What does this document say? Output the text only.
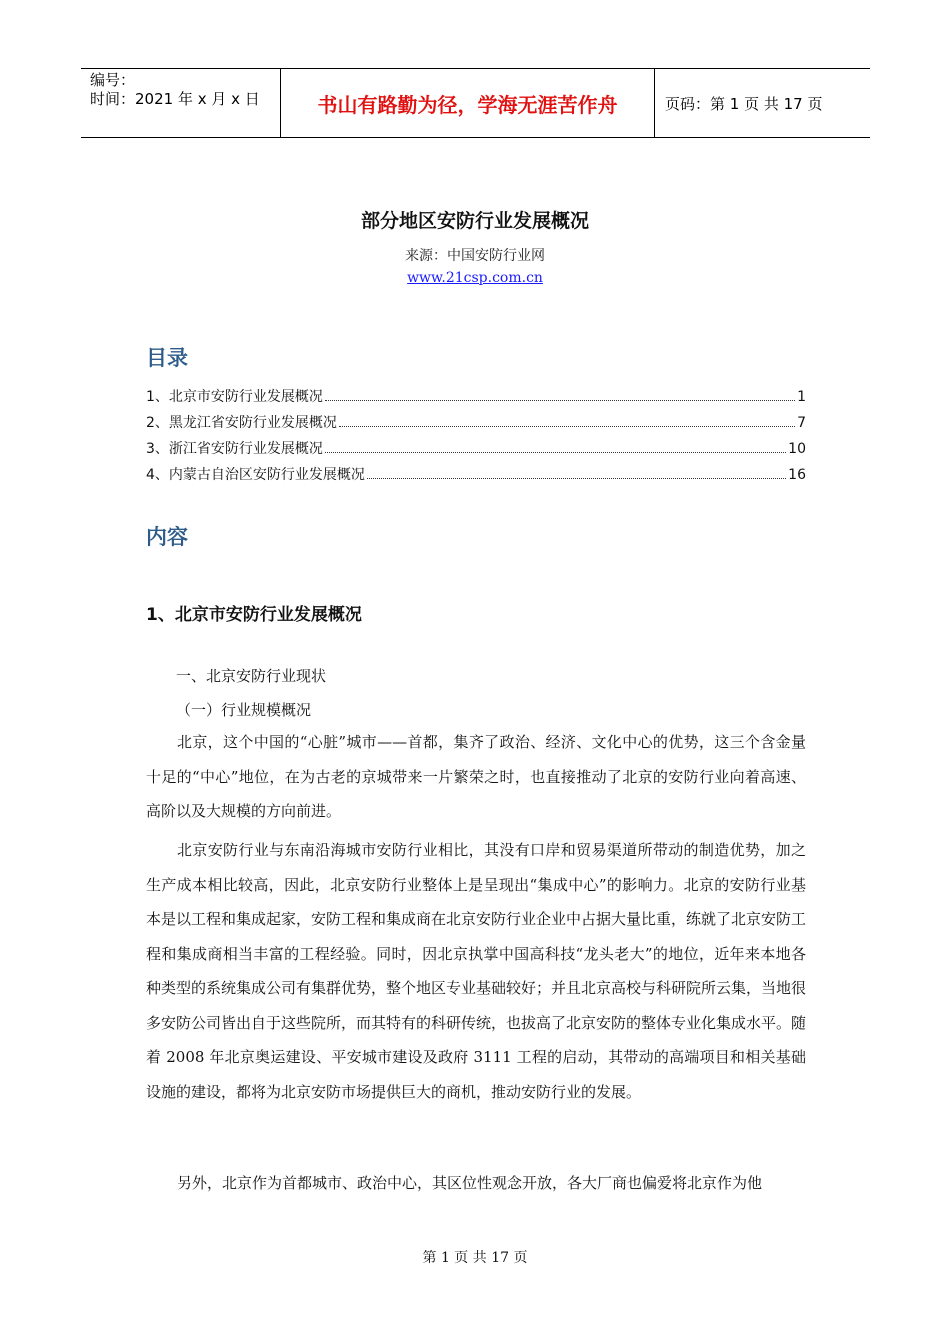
编号：
时间：2021 年 x 月 x 日	书山有路勤为径，学海无涯苦作舟	页码：第 1 页 共 17 页
部分地区安防行业发展概况
来源：中国安防行业网
www.21csp.com.cn
目录
1、北京市安防行业发展概况	1
2、黑龙江省安防行业发展概况	7
3、浙江省安防行业发展概况	10
4、内蒙古自治区安防行业发展概况	16
内容
1、北京市安防行业发展概况
一、北京安防行业现状
（一）行业规模概况

北京，这个中国的“心脏”城市——首都，集齐了政治、经济、文化中心的优势，这三个含金量十足的“中心”地位，在为古老的京城带来一片繁荣之时，也直接推动了北京的安防行业向着高速、高阶以及大规模的方向前进。

北京安防行业与东南沿海城市安防行业相比，其没有口岸和贸易渠道所带动的制造优势，加之生产成本相比较高，因此，北京安防行业整体上是呈现出“集成中心”的影响力。北京的安防行业基本是以工程和集成起家，安防工程和集成商在北京安防行业企业中占据大量比重，练就了北京安防工程和集成商相当丰富的工程经验。同时，因北京执掌中国高科技“龙头老大”的地位，近年来本地各种类型的系统集成公司有集群优势，整个地区专业基础较好；并且北京高校与科研院所云集，当地很多安防公司皆出自于这些院所，而其特有的科研传统，也拔高了北京安防的整体专业化集成水平。随着 2008 年北京奥运建设、平安城市建设及政府 3111 工程的启动，其带动的高端项目和相关基础设施的建设，都将为北京安防市场提供巨大的商机，推动安防行业的发展。

另外，北京作为首都城市、政治中心，其区位性观念开放，各大厂商也偏爱将北京作为他

第 1 页 共 17 页
